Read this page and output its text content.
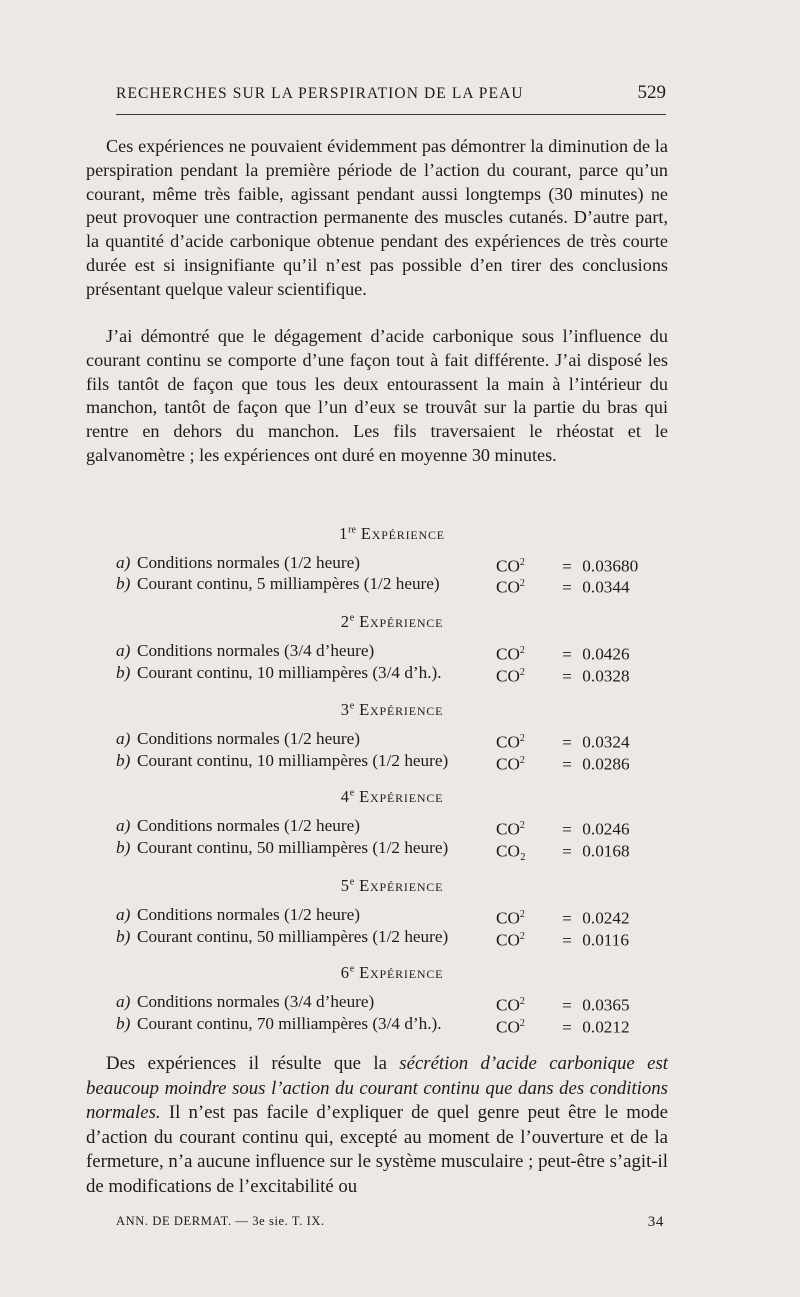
RECHERCHES SUR LA PERSPIRATION DE LA PEAU	529

Ces expériences ne pouvaient évidemment pas démontrer la diminution de la perspiration pendant la première période de l’action du courant, parce qu’un courant, même très faible, agissant pendant aussi longtemps (30 minutes) ne peut provoquer une contraction permanente des muscles cutanés. D’autre part, la quantité d’acide carbonique obtenue pendant des expériences de très courte durée est si insignifiante qu’il n’est pas possible d’en tirer des conclusions présentant quelque valeur scientifique.

J’ai démontré que le dégagement d’acide carbonique sous l’influence du courant continu se comporte d’une façon tout à fait différente. J’ai disposé les fils tantôt de façon que tous les deux entourassent la main à l’intérieur du manchon, tantôt de façon que l’un d’eux se trouvât sur la partie du bras qui rentre en dehors du manchon. Les fils traversaient le rhéostat et le galvanomètre ; les expériences ont duré en moyenne 30 minutes.

1re Expérience
a) Conditions normales (1/2 heure)	$CO^2 = 0.03680$
b) Courant continu, 5 milliampères (1/2 heure)	$CO^2 = 0.0344$
2e Expérience
a) Conditions normales (3/4 d’heure)	$CO^2 = 0.0426$
b) Courant continu, 10 milliampères (3/4 d’h.).	$CO^2 = 0.0328$
3e Expérience
a) Conditions normales (1/2 heure)	$CO^2 = 0.0324$
b) Courant continu, 10 milliampères (1/2 heure)	$CO^2 = 0.0286$
4e Expérience
a) Conditions normales (1/2 heure)	$CO^2 = 0.0246$
b) Courant continu, 50 milliampères (1/2 heure)	CO₂ = 0.0168
5e Expérience
a) Conditions normales (1/2 heure)	$CO^2 = 0.0242$
b) Courant continu, 50 milliampères (1/2 heure)	$CO^2 = 0.0116$
6e Expérience
a) Conditions normales (3/4 d’heure)	$CO^2 = 0.0365$
b) Courant continu, 70 milliampères (3/4 d’h.).	$CO^2 = 0.0212$

Des expériences il résulte que la sécrétion d’acide carbonique est beaucoup moindre sous l’action du courant continu que dans des conditions normales. Il n’est pas facile d’expliquer de quel genre peut être le mode d’action du courant continu qui, excepté au moment de l’ouverture et de la fermeture, n’a aucune influence sur le système musculaire ; peut-être s’agit-il de modifications de l’excitabilité ou

ANN. DE DERMAT. — 3e sie. T. IX.	34
